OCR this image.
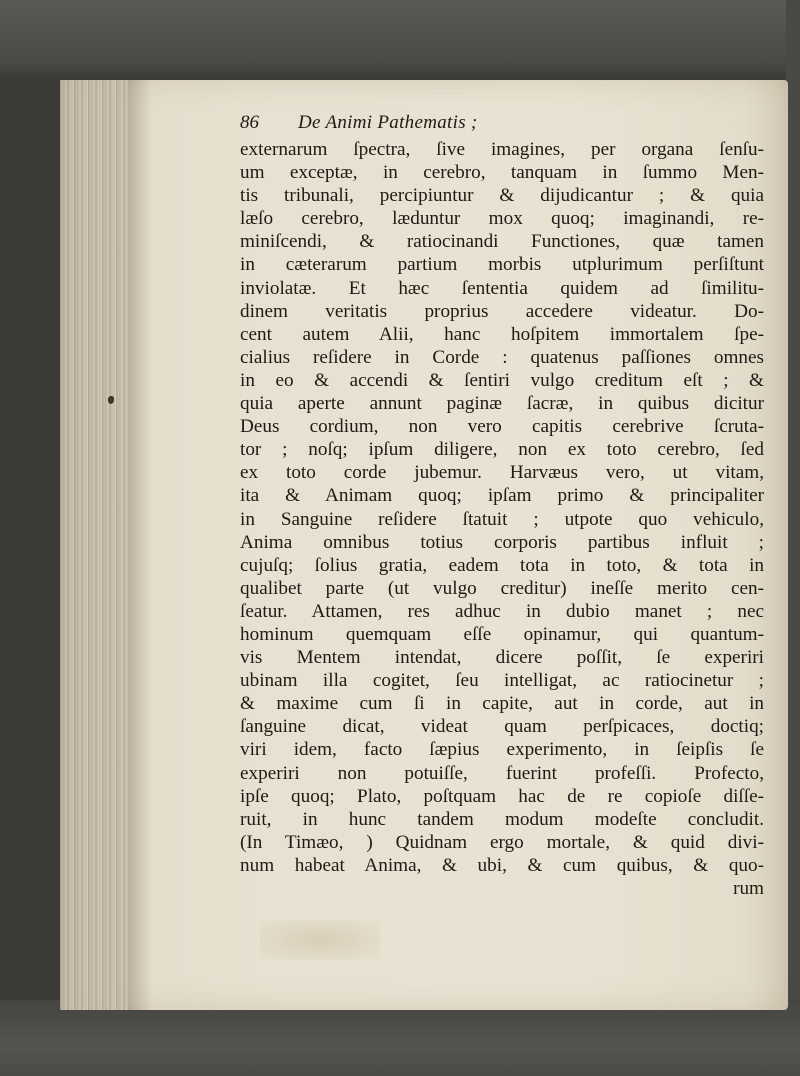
86 De Animi Pathematis ;
externarum ſpectra, ſive imagines, per organa ſenſu-
um exceptæ, in cerebro, tanquam in ſummo Men-
tis tribunali, percipiuntur & dijudicantur ; & quia
læſo cerebro, læduntur mox quoq; imaginandi, re-
miniſcendi, & ratiocinandi Functiones, quæ tamen
in cæterarum partium morbis utplurimum perſiſtunt
inviolatæ. Et hæc ſententia quidem ad ſimilitu-
dinem veritatis proprius accedere videatur. Do-
cent autem Alii, hanc hoſpitem immortalem ſpe-
cialius reſidere in Corde : quatenus paſſiones omnes
in eo & accendi & ſentiri vulgo creditum eſt ; &
quia aperte annunt paginæ ſacræ, in quibus dicitur
Deus cordium, non vero capitis cerebrive ſcruta-
tor ; noſq; ipſum diligere, non ex toto cerebro, ſed
ex toto corde jubemur. Harvæus vero, ut vitam,
ita & Animam quoq; ipſam primo & principaliter
in Sanguine reſidere ſtatuit ; utpote quo vehiculo,
Anima omnibus totius corporis partibus influit ;
cujuſq; ſolius gratia, eadem tota in toto, & tota in
qualibet parte (ut vulgo creditur) ineſſe merito cen-
ſeatur. Attamen, res adhuc in dubio manet ; nec
hominum quemquam eſſe opinamur, qui quantum-
vis Mentem intendat, dicere poſſit, ſe experiri
ubinam illa cogitet, ſeu intelligat, ac ratiocinetur ;
& maxime cum ſi in capite, aut in corde, aut in
ſanguine dicat, videat quam perſpicaces, doctiq;
viri idem, facto ſæpius experimento, in ſeipſis ſe
experiri non potuiſſe, fuerint profeſſi. Profecto,
ipſe quoq; Plato, poſtquam hac de re copioſe diſſe-
ruit, in hunc tandem modum modeſte concludit.
(In Timæo, ) Quidnam ergo mortale, & quid divi-
num habeat Anima, & ubi, & cum quibus, & quo-
rum
